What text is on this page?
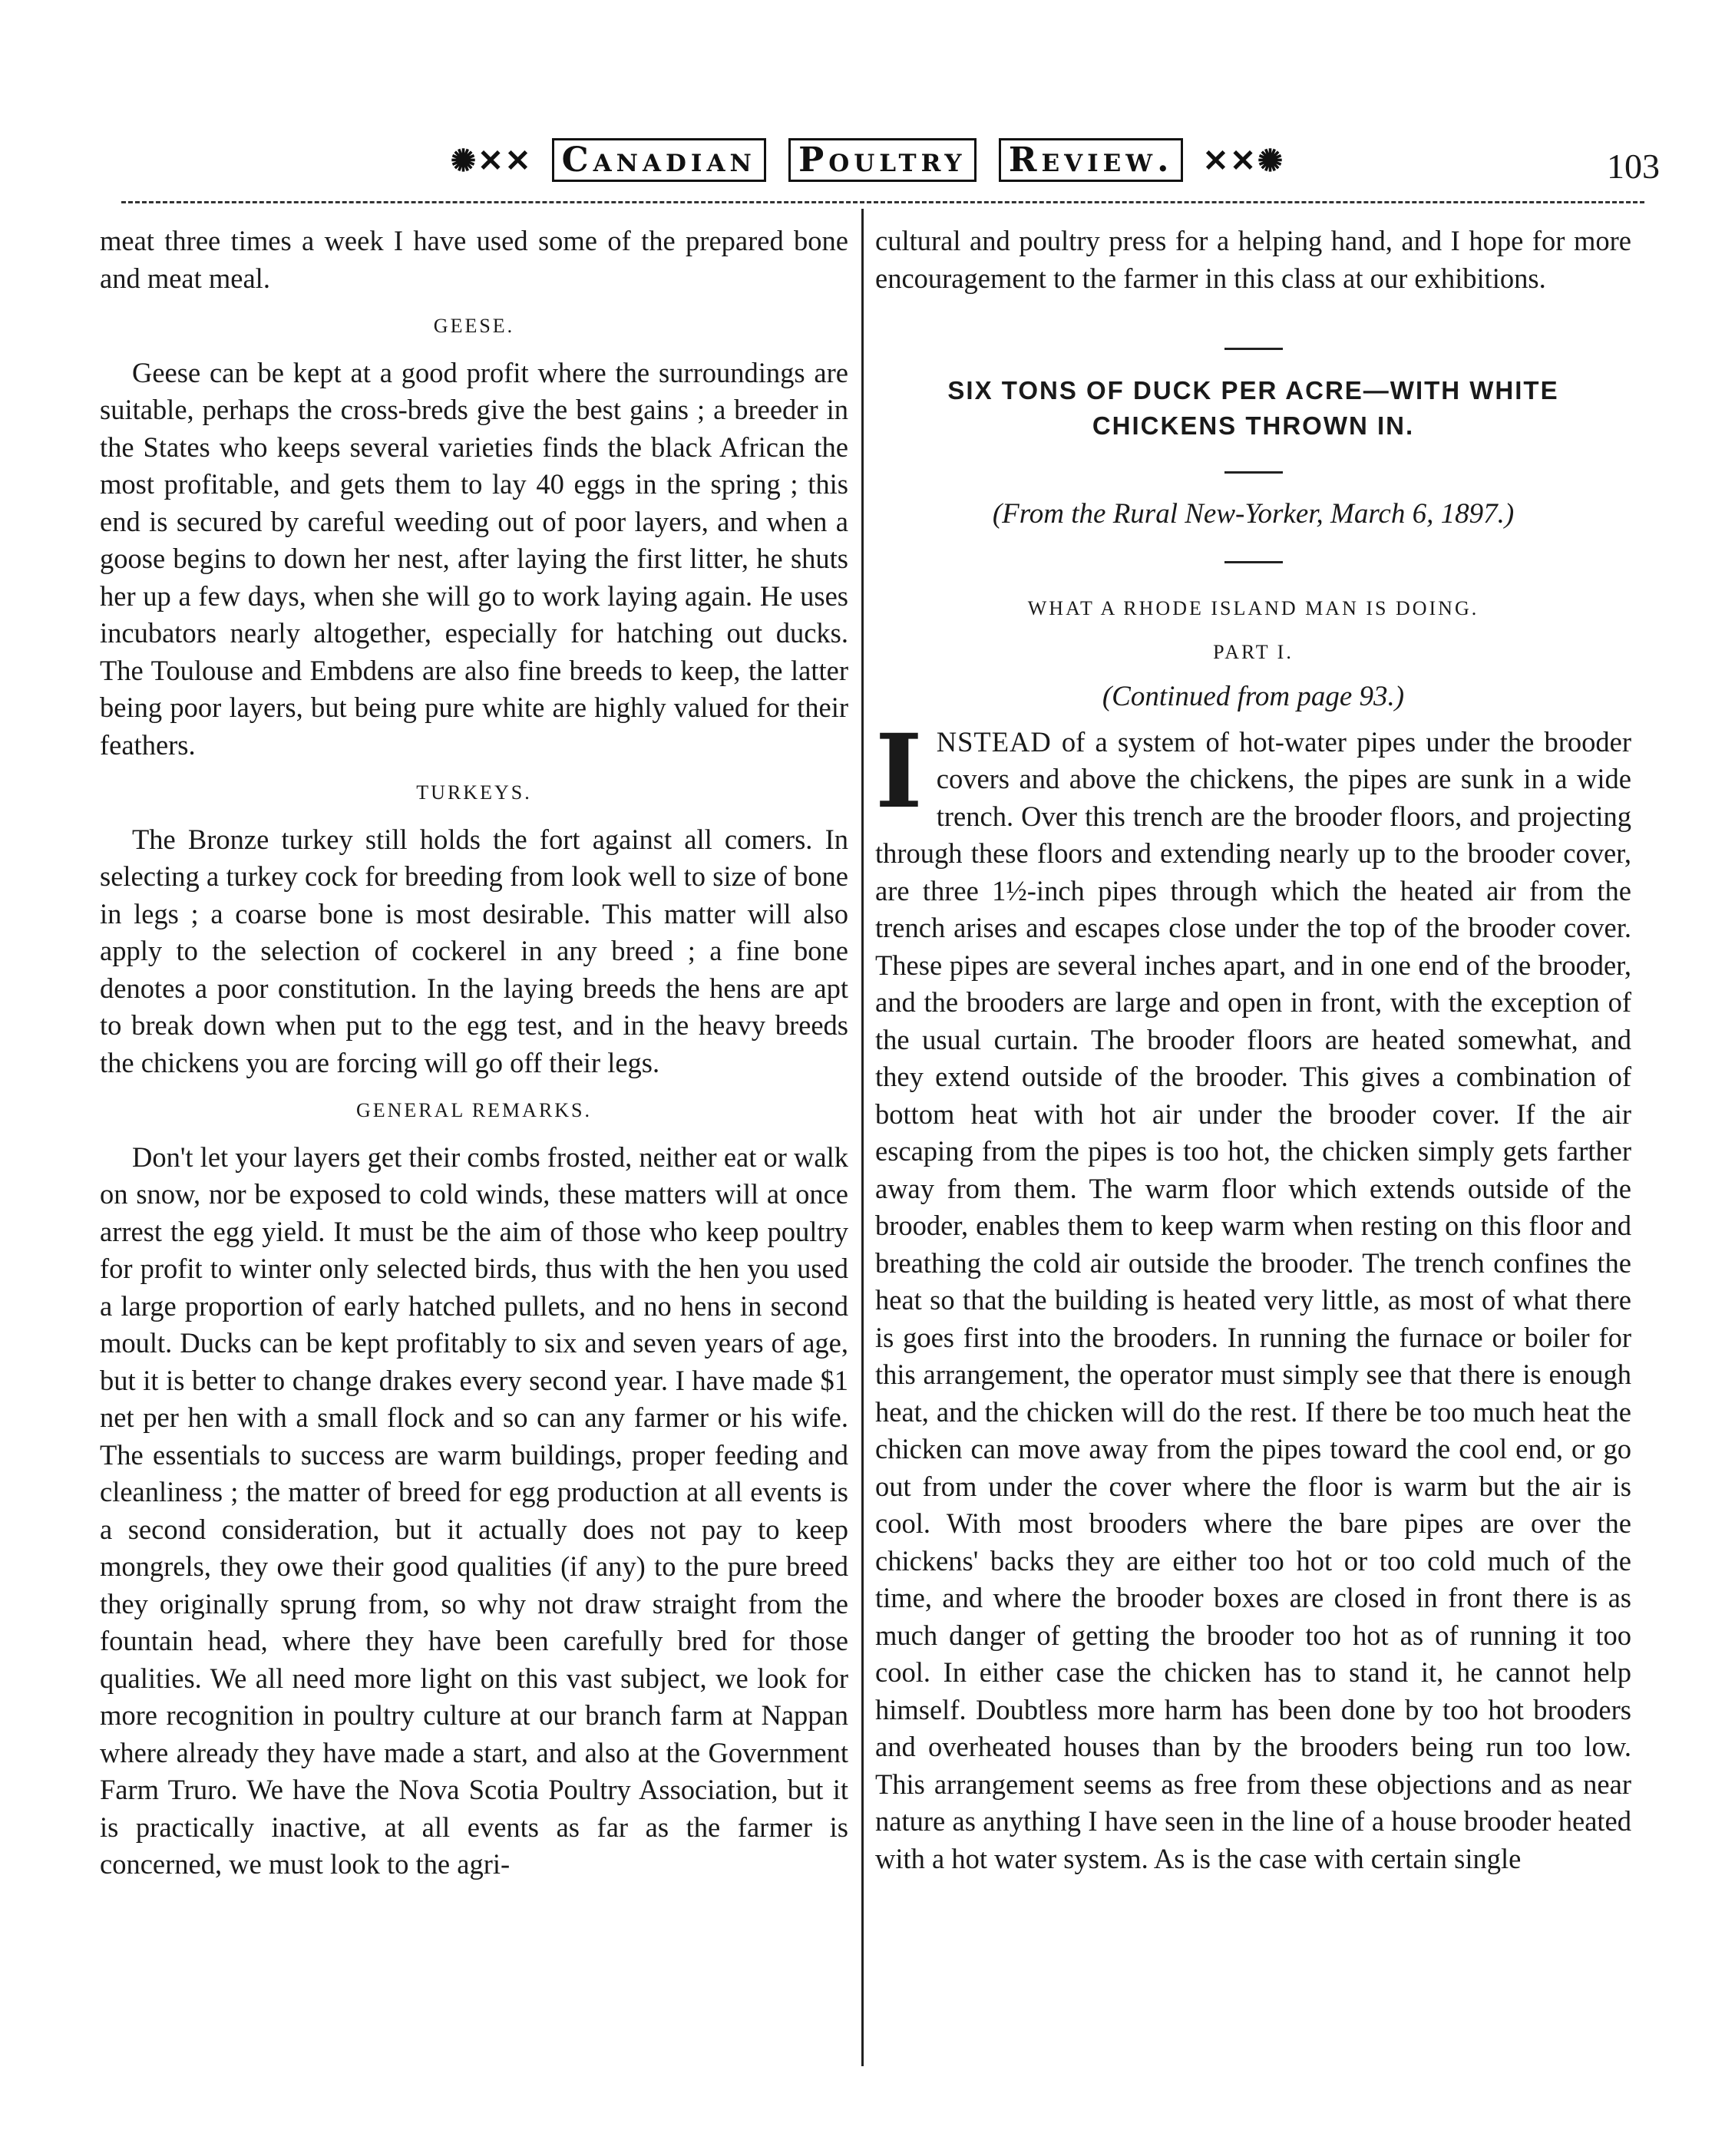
✺✕✕ Canadian Poultry Review. ✕✕✺	103

meat three times a week I have used some of the prepared bone and meat meal.

GEESE.

Geese can be kept at a good profit where the surroundings are suitable, perhaps the cross-breds give the best gains ; a breeder in the States who keeps several varieties finds the black African the most profitable, and gets them to lay 40 eggs in the spring ; this end is secured by careful weeding out of poor layers, and when a goose begins to down her nest, after laying the first litter, he shuts her up a few days, when she will go to work laying again. He uses incubators nearly altogether, especially for hatching out ducks. The Toulouse and Embdens are also fine breeds to keep, the latter being poor layers, but being pure white are highly valued for their feathers.

TURKEYS.

The Bronze turkey still holds the fort against all comers. In selecting a turkey cock for breeding from look well to size of bone in legs ; a coarse bone is most desirable. This matter will also apply to the selection of cockerel in any breed ; a fine bone denotes a poor constitution. In the laying breeds the hens are apt to break down when put to the egg test, and in the heavy breeds the chickens you are forcing will go off their legs.

GENERAL REMARKS.

Don't let your layers get their combs frosted, neither eat or walk on snow, nor be exposed to cold winds, these matters will at once arrest the egg yield. It must be the aim of those who keep poultry for profit to winter only selected birds, thus with the hen you used a large proportion of early hatched pullets, and no hens in second moult. Ducks can be kept profitably to six and seven years of age, but it is better to change drakes every second year. I have made $1 net per hen with a small flock and so can any farmer or his wife. The essentials to success are warm buildings, proper feeding and cleanliness ; the matter of breed for egg production at all events is a second consideration, but it actually does not pay to keep mongrels, they owe their good qualities (if any) to the pure breed they originally sprung from, so why not draw straight from the fountain head, where they have been carefully bred for those qualities. We all need more light on this vast subject, we look for more recognition in poultry culture at our branch farm at Nappan where already they have made a start, and also at the Government Farm Truro. We have the Nova Scotia Poultry Association, but it is practically inactive, at all events as far as the farmer is concerned, we must look to the agri-

cultural and poultry press for a helping hand, and I hope for more encouragement to the farmer in this class at our exhibitions.

SIX TONS OF DUCK PER ACRE—WITH WHITE CHICKENS THROWN IN.
(From the Rural New-Yorker, March 6, 1897.)
WHAT A RHODE ISLAND MAN IS DOING.
PART I.
(Continued from page 93.)

INSTEAD of a system of hot-water pipes under the brooder covers and above the chickens, the pipes are sunk in a wide trench. Over this trench are the brooder floors, and projecting through these floors and extending nearly up to the brooder cover, are three 1½-inch pipes through which the heated air from the trench arises and escapes close under the top of the brooder cover. These pipes are several inches apart, and in one end of the brooder, and the brooders are large and open in front, with the exception of the usual curtain. The brooder floors are heated somewhat, and they extend outside of the brooder. This gives a combination of bottom heat with hot air under the brooder cover. If the air escaping from the pipes is too hot, the chicken simply gets farther away from them. The warm floor which extends outside of the brooder, enables them to keep warm when resting on this floor and breathing the cold air outside the brooder. The trench confines the heat so that the building is heated very little, as most of what there is goes first into the brooders. In running the furnace or boiler for this arrangement, the operator must simply see that there is enough heat, and the chicken will do the rest. If there be too much heat the chicken can move away from the pipes toward the cool end, or go out from under the cover where the floor is warm but the air is cool. With most brooders where the bare pipes are over the chickens' backs they are either too hot or too cold much of the time, and where the brooder boxes are closed in front there is as much danger of getting the brooder too hot as of running it too cool. In either case the chicken has to stand it, he cannot help himself. Doubtless more harm has been done by too hot brooders and overheated houses than by the brooders being run too low. This arrangement seems as free from these objections and as near nature as anything I have seen in the line of a house brooder heated with a hot water system. As is the case with certain single
